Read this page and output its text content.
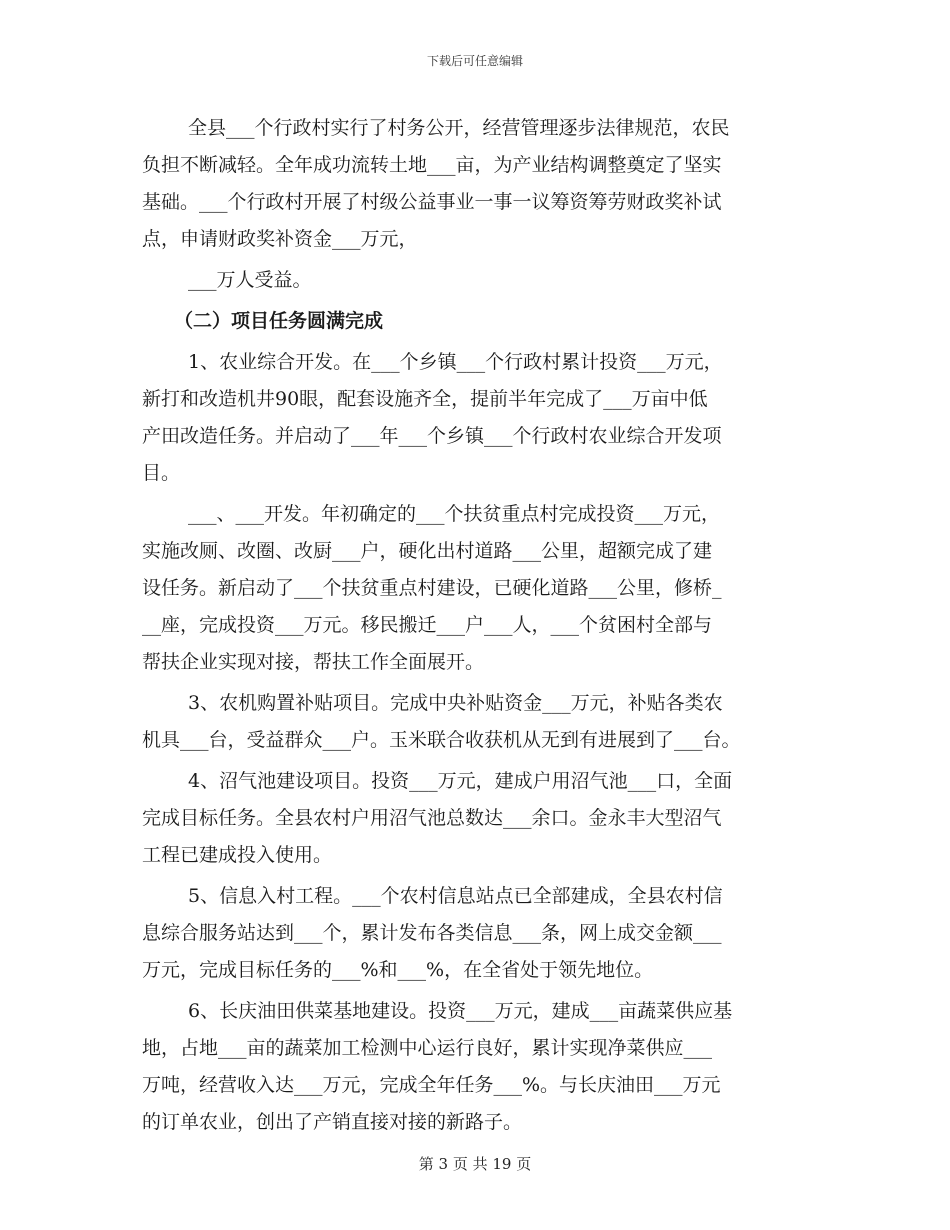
下载后可任意编辑
全县___个行政村实行了村务公开，经营管理逐步法律规范，农民
负担不断减轻。全年成功流转土地___亩，为产业结构调整奠定了坚实
基础。___个行政村开展了村级公益事业一事一议筹资筹劳财政奖补试
点，申请财政奖补资金___万元，
___万人受益。
（二）项目任务圆满完成
1、农业综合开发。在___个乡镇___个行政村累计投资___万元，
新打和改造机井90眼，配套设施齐全，提前半年完成了___万亩中低
产田改造任务。并启动了___年___个乡镇___个行政村农业综合开发项
目。
___、___开发。年初确定的___个扶贫重点村完成投资___万元，
实施改厕、改圈、改厨___户，硬化出村道路___公里，超额完成了建
设任务。新启动了___个扶贫重点村建设，已硬化道路___公里，修桥_
__座，完成投资___万元。移民搬迁___户___人，___个贫困村全部与
帮扶企业实现对接，帮扶工作全面展开。
3、农机购置补贴项目。完成中央补贴资金___万元，补贴各类农
机具___台，受益群众___户。玉米联合收获机从无到有进展到了___台。
4、沼气池建设项目。投资___万元，建成户用沼气池___口，全面
完成目标任务。全县农村户用沼气池总数达___余口。金永丰大型沼气
工程已建成投入使用。
5、信息入村工程。___个农村信息站点已全部建成，全县农村信
息综合服务站达到___个，累计发布各类信息___条，网上成交金额___
万元，完成目标任务的___%和___%，在全省处于领先地位。
6、长庆油田供菜基地建设。投资___万元，建成___亩蔬菜供应基
地，占地___亩的蔬菜加工检测中心运行良好，累计实现净菜供应___
万吨，经营收入达___万元，完成全年任务___%。与长庆油田___万元
的订单农业，创出了产销直接对接的新路子。
第 3 页 共 19 页
